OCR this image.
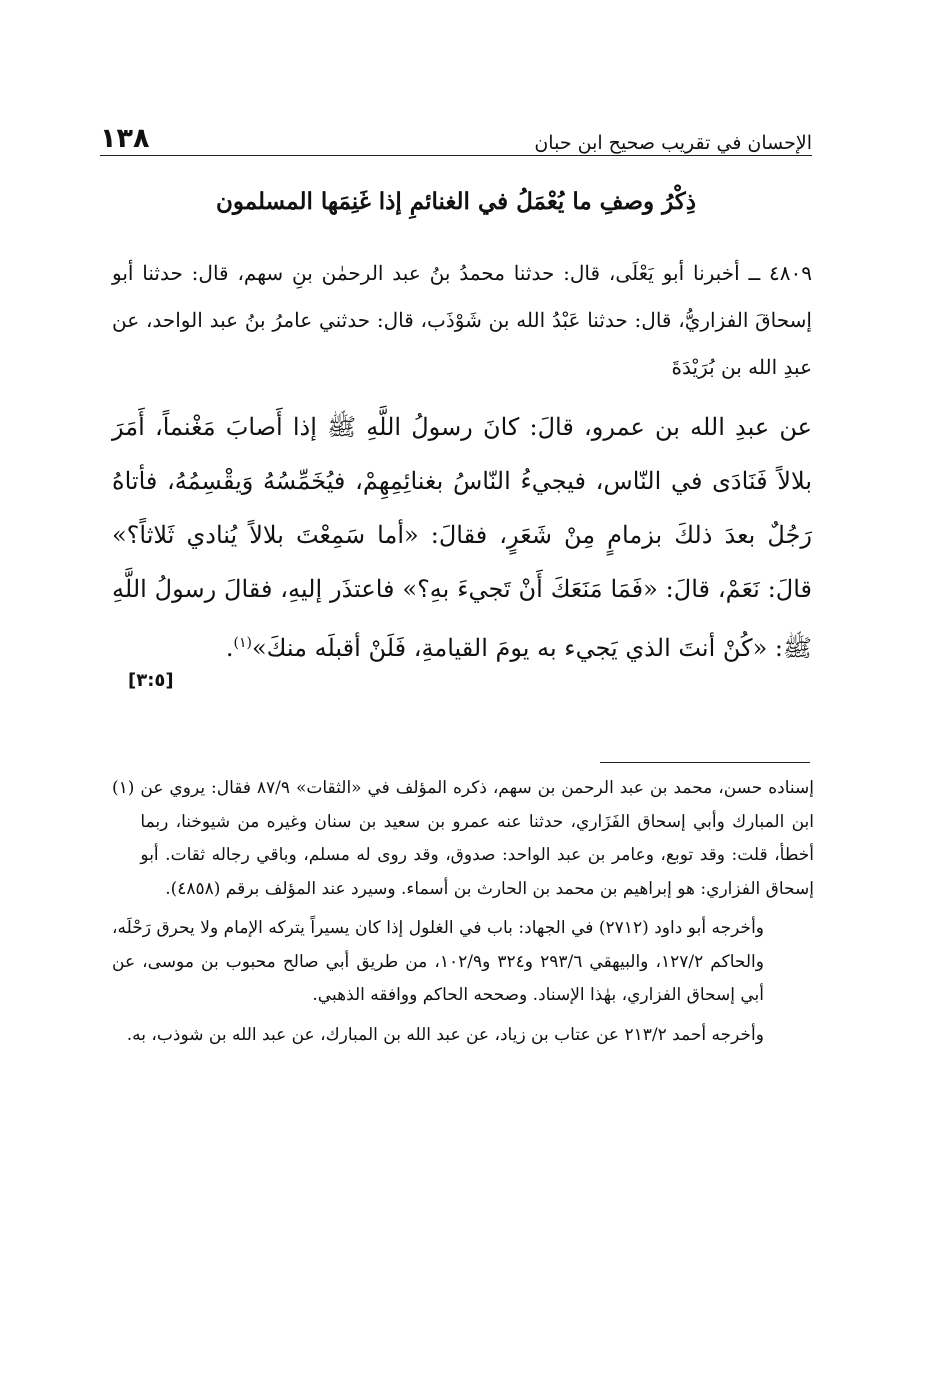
١٣٨	الإحسان في تقريب صحيح ابن حبان
ذِكْرُ وصفِ ما يُعْمَلُ في الغنائمِ إذا غَنِمَها المسلمون

٤٨٠٩ ــ أخبرنا أبو يَعْلَى، قال: حدثنا محمدُ بنُ عبد الرحمٰن بنِ سهم، قال: حدثنا أبو إسحاقَ الفزاريُّ، قال: حدثنا عَبْدُ الله بن شَوْذَب، قال: حدثني عامرُ بنُ عبد الواحد، عن عبدِ الله بن بُرَيْدَةَ

عن عبدِ الله بن عمرو، قالَ: كانَ رسولُ اللَّهِ ﷺ إذا أَصابَ مَغْنماً، أَمَرَ بلالاً فَنَادَى في النّاس، فيجيءُ النّاسُ بغنائِمِهِمْ، فيُخَمِّسُهُ وَيقْسِمُهُ، فأتاهُ رَجُلٌ بعدَ ذلكَ بزمامٍ مِنْ شَعَرٍ، فقالَ: «أما سَمِعْتَ بلالاً يُنادي ثَلاثاً؟» قالَ: نَعَمْ، قالَ: «فَمَا مَنَعَكَ أَنْ تَجيءَ بهِ؟» فاعتذَر إليهِ، فقالَ رسولُ اللَّهِ ﷺ: «كُنْ أنتَ الذي يَجيء به يومَ القيامةِ، فَلَنْ أقبلَه منكَ»$^{(١)}$.

[٣:٥]
(١) إسناده حسن، محمد بن عبد الرحمن بن سهم، ذكره المؤلف في «الثقات» ٨٧/٩ فقال: يروي عن ابن المبارك وأبي إسحاق الفَزَاري، حدثنا عنه عمرو بن سعيد بن سنان وغيره من شيوخنا، ربما أخطأ، قلت: وقد توبع، وعامر بن عبد الواحد: صدوق، وقد روى له مسلم، وباقي رجاله ثقات. أبو إسحاق الفزاري: هو إبراهيم بن محمد بن الحارث بن أسماء. وسيرد عند المؤلف برقم (٤٨٥٨).

وأخرجه أبو داود (٢٧١٢) في الجهاد: باب في الغلول إذا كان يسيراً يتركه الإمام ولا يحرق رَحْلَه، والحاكم ١٢٧/٢، والبيهقي ٢٩٣/٦ و٣٢٤ و١٠٢/٩، من طريق أبي صالح محبوب بن موسى، عن أبي إسحاق الفزاري، بهٰذا الإسناد. وصححه الحاكم ووافقه الذهبي.

وأخرجه أحمد ٢١٣/٢ عن عتاب بن زياد، عن عبد الله بن المبارك، عن عبد الله بن شوذب، به.
